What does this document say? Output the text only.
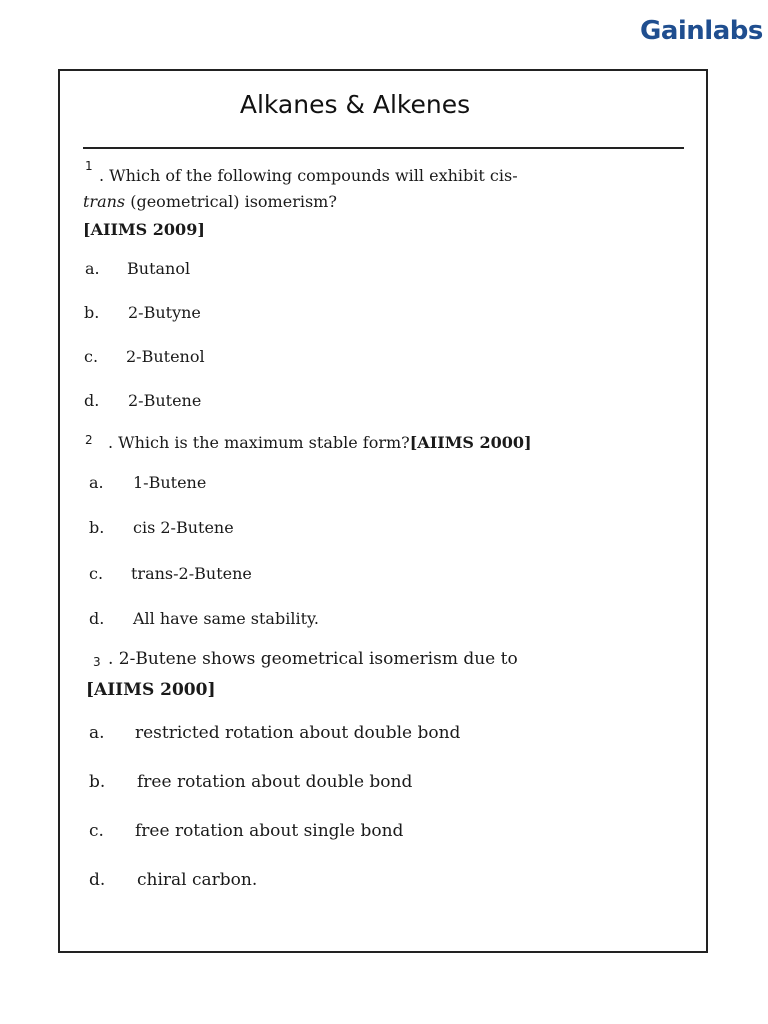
Gainlabs
Alkanes & Alkenes
1 . Which of the following compounds will exhibit cis-
trans (geometrical) isomerism?
[AIIMS 2009]
a. Butanol
b. 2-Butyne
c. 2-Butenol
d. 2-Butene
2 . Which is the maximum stable form?[AIIMS 2000]
a. 1-Butene
b. cis 2-Butene
c. trans-2-Butene
d. All have same stability.
3 . 2-Butene shows geometrical isomerism due to
[AIIMS 2000]
a. restricted rotation about double bond
b. free rotation about double bond
c. free rotation about single bond
d. chiral carbon.
